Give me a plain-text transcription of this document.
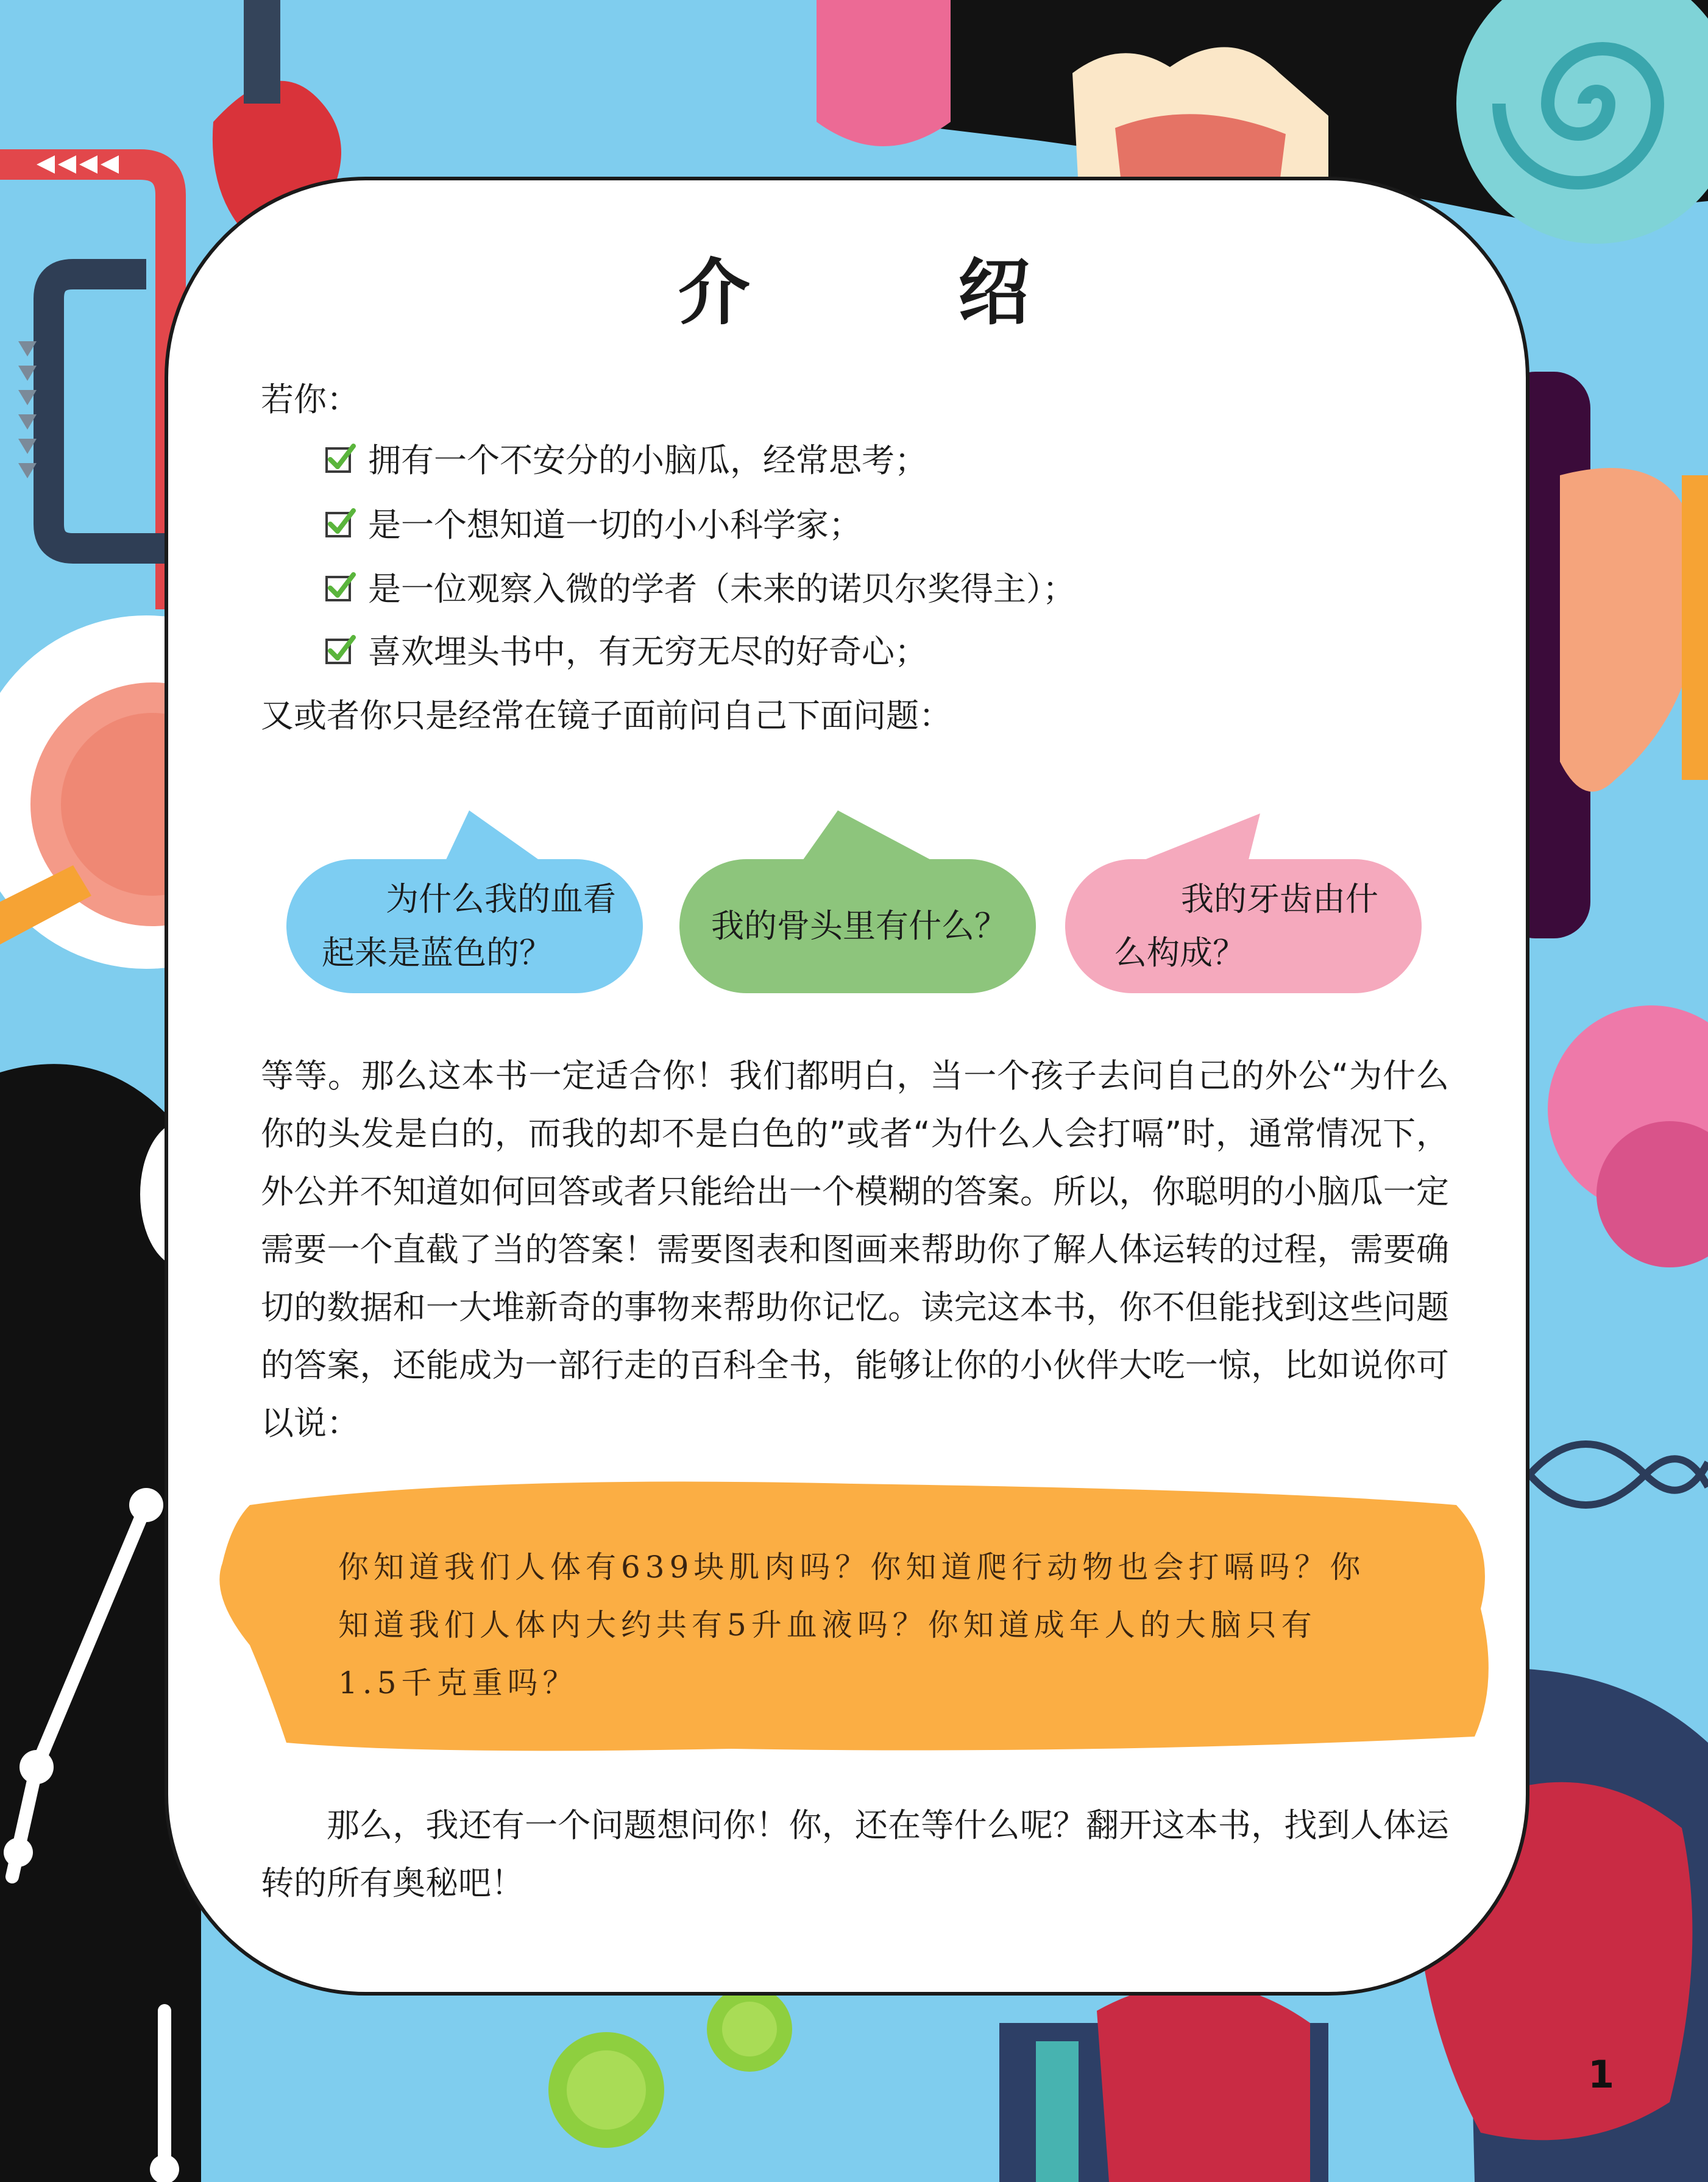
介 绍
若你：
拥有一个不安分的小脑瓜，经常思考；
是一个想知道一切的小小科学家；
是一位观察入微的学者（未来的诺贝尔奖得主）；
喜欢埋头书中，有无穷无尽的好奇心；
又或者你只是经常在镜子面前问自己下面问题：
为什么我的血看
起来是蓝色的？
我的骨头里有什么？
我的牙齿由什
么构成？
等等。那么这本书一定适合你！我们都明白，当一个孩子去问自己的外公“为什么你的头发是白的，而我的却不是白色的”或者“为什么人会打嗝”时，通常情况下，外公并不知道如何回答或者只能给出一个模糊的答案。所以，你聪明的小脑瓜一定需要一个直截了当的答案！需要图表和图画来帮助你了解人体运转的过程，需要确切的数据和一大堆新奇的事物来帮助你记忆。读完这本书，你不但能找到这些问题的答案，还能成为一部行走的百科全书，能够让你的小伙伴大吃一惊，比如说你可以说：
你知道我们人体有639块肌肉吗？你知道爬行动物也会打嗝吗？你知道我们人体内大约共有5升血液吗？你知道成年人的大脑只有1.5千克重吗？
那么，我还有一个问题想问你！你，还在等什么呢？翻开这本书，找到人体运转的所有奥秘吧！
1
